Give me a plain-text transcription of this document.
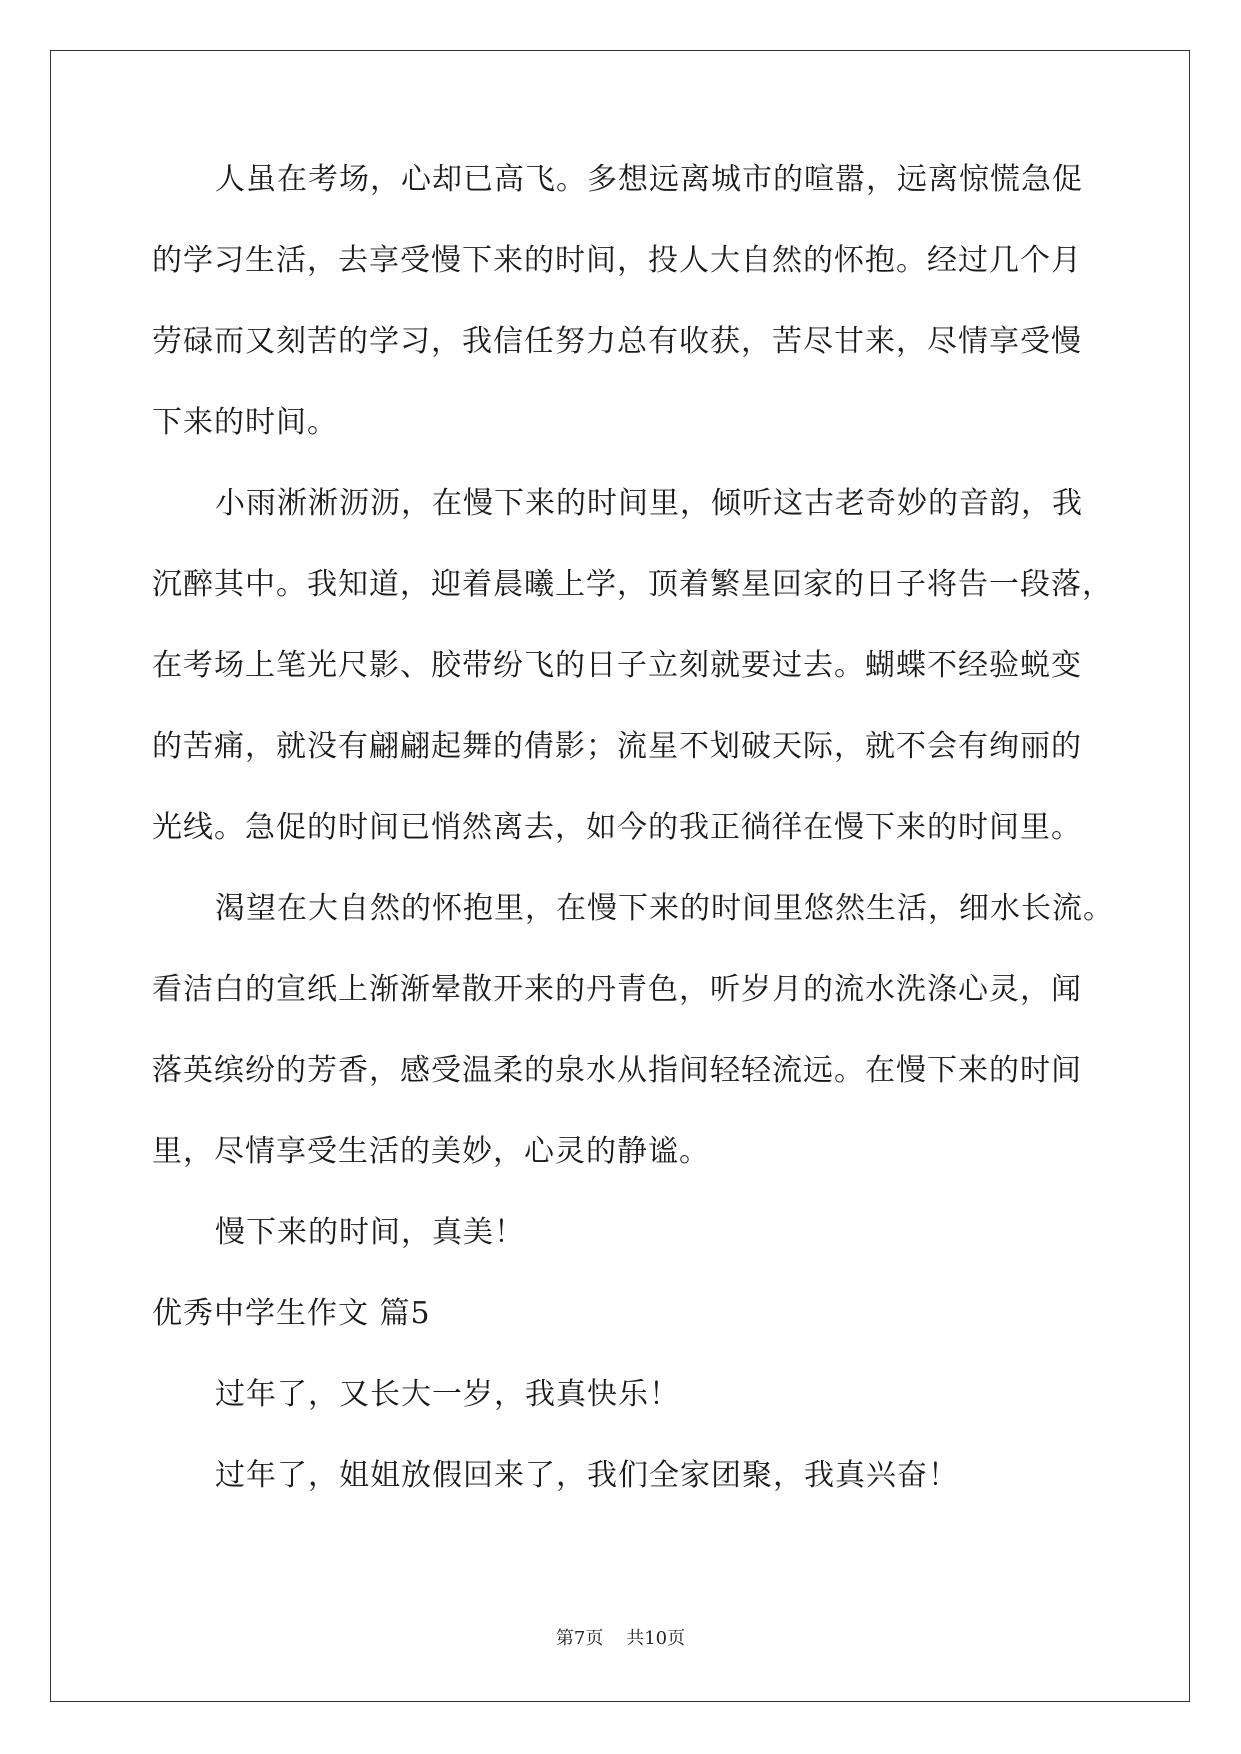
人虽在考场，心却已高飞。多想远离城市的喧嚣，远离惊慌急促
的学习生活，去享受慢下来的时间，投人大自然的怀抱。经过几个月
劳碌而又刻苦的学习，我信任努力总有收获，苦尽甘来，尽情享受慢
下来的时间。
小雨淅淅沥沥，在慢下来的时间里，倾听这古老奇妙的音韵，我
沉醉其中。我知道，迎着晨曦上学，顶着繁星回家的日子将告一段落，
在考场上笔光尺影、胶带纷飞的日子立刻就要过去。蝴蝶不经验蜕变
的苦痛，就没有翩翩起舞的倩影；流星不划破天际，就不会有绚丽的
光线。急促的时间已悄然离去，如今的我正徜徉在慢下来的时间里。
渴望在大自然的怀抱里，在慢下来的时间里悠然生活，细水长流。
看洁白的宣纸上渐渐晕散开来的丹青色，听岁月的流水洗涤心灵，闻
落英缤纷的芳香，感受温柔的泉水从指间轻轻流远。在慢下来的时间
里，尽情享受生活的美妙，心灵的静谧。
慢下来的时间，真美！
优秀中学生作文 篇5
过年了，又长大一岁，我真快乐！
过年了，姐姐放假回来了，我们全家团聚，我真兴奋！
第7页 共10页
